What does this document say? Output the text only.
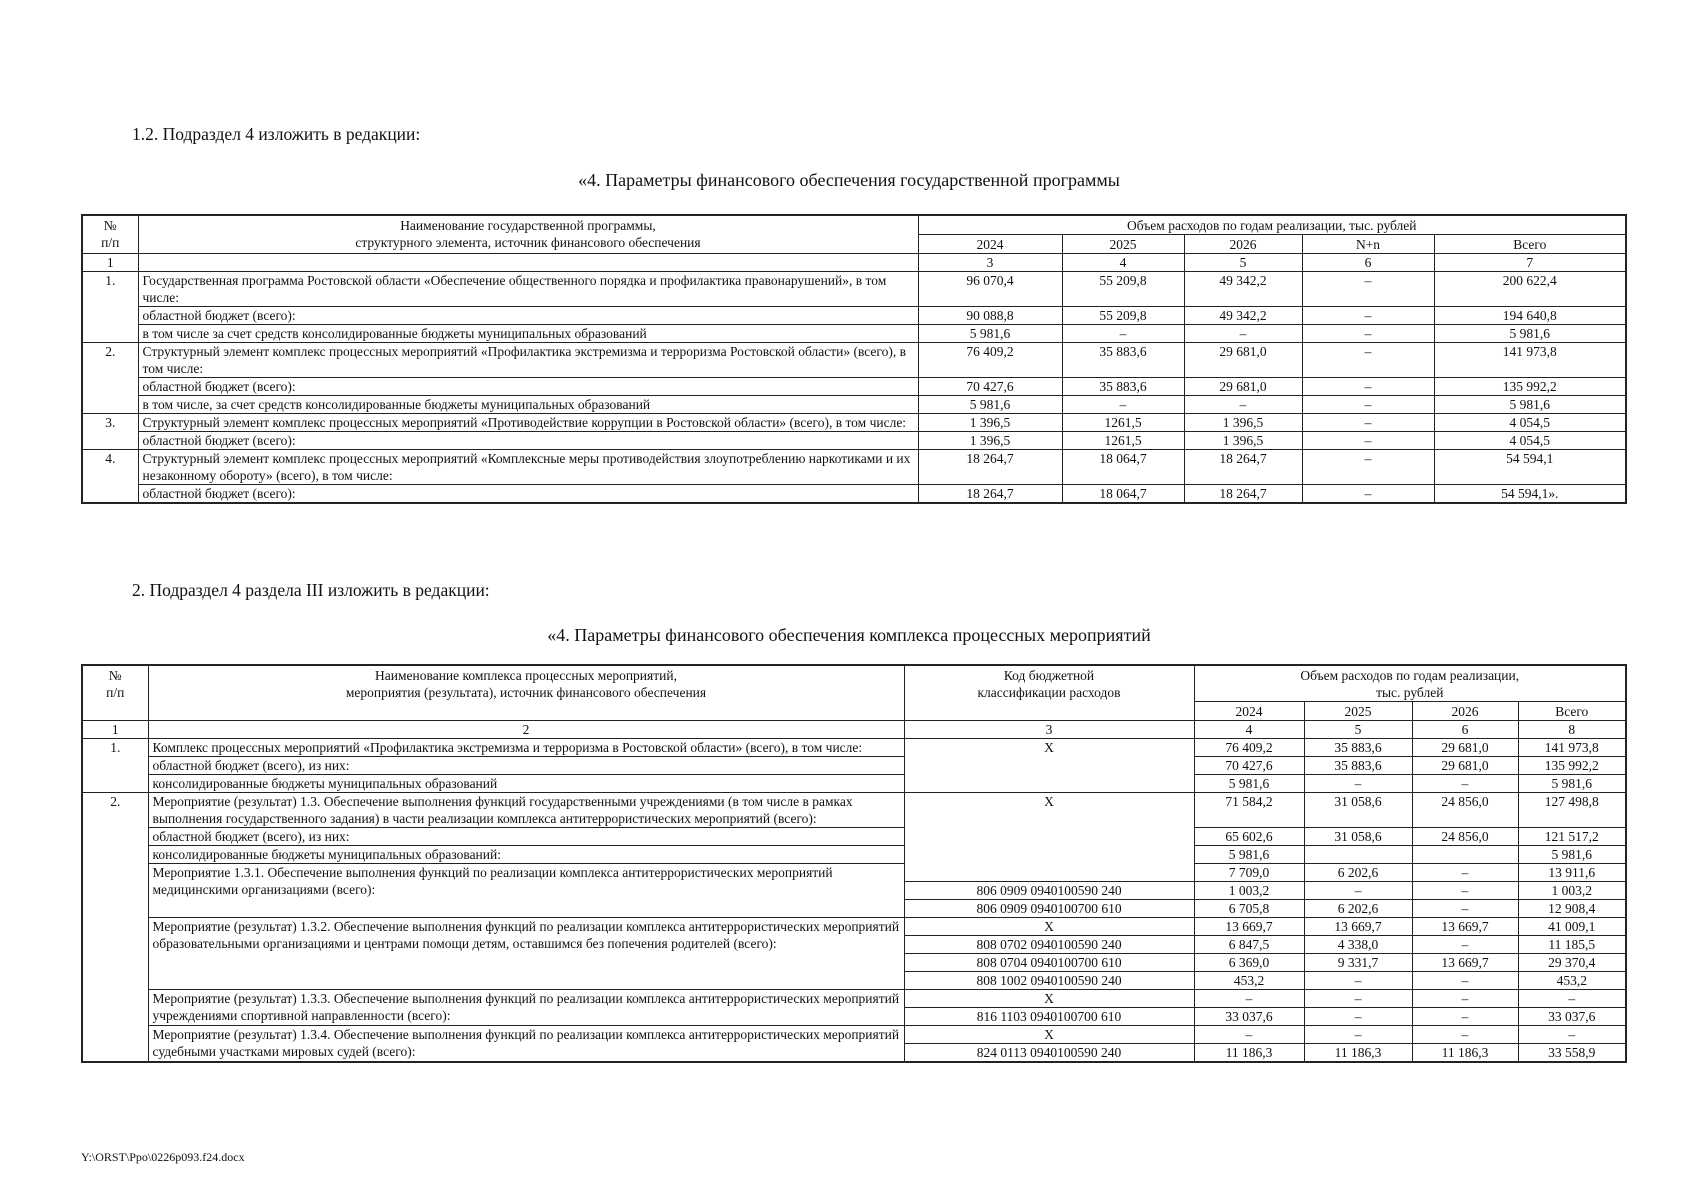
1.2. Подраздел 4 изложить в редакции:
«4. Параметры финансового обеспечения государственной программы
№
п/п	Наименование государственной программы,
структурного элемента, источник финансового обеспечения	Объем расходов по годам реализации, тыс. рублей				
		2024	2025	2026	N+n	Всего
1		3	4	5	6	7
1.	Государственная программа Ростовской области «Обеспечение общественного порядка и профилактика правонарушений», в том числе:	96 070,4	55 209,8	49 342,2	–	200 622,4
	областной бюджет (всего):	90 088,8	55 209,8	49 342,2	–	194 640,8
	в том числе за счет средств консолидированные бюджеты муниципальных образований	5 981,6	–	–	–	5 981,6
2.	Структурный элемент комплекс процессных мероприятий «Профилактика экстремизма и терроризма Ростовской области» (всего), в том числе:	76 409,2	35 883,6	29 681,0	–	141 973,8
	областной бюджет (всего):	70 427,6	35 883,6	29 681,0	–	135 992,2
	в том числе, за счет средств консолидированные бюджеты муниципальных образований	5 981,6	–	–	–	5 981,6
3.	Структурный элемент комплекс процессных мероприятий «Противодействие коррупции в Ростовской области» (всего), в том числе:	1 396,5	1261,5	1 396,5	–	4 054,5
	областной бюджет (всего):	1 396,5	1261,5	1 396,5	–	4 054,5
4.	Структурный элемент комплекс процессных мероприятий «Комплексные меры противодействия злоупотреблению наркотиками и их незаконному обороту» (всего), в том числе:	18 264,7	18 064,7	18 264,7	–	54 594,1
	областной бюджет (всего):	18 264,7	18 064,7	18 264,7	–	54 594,1».
2. Подраздел 4 раздела III изложить в редакции:
«4. Параметры финансового обеспечения комплекса процессных мероприятий
№
п/п	Наименование комплекса процессных мероприятий,
мероприятия (результата), источник финансового обеспечения	Код бюджетной
классификации расходов	Объем расходов по годам реализации,
тыс. рублей			
			2024	2025	2026	Всего
1	2	3	4	5	6	8
1.	Комплекс процессных мероприятий «Профилактика экстремизма и терроризма в Ростовской области» (всего), в том числе:	X	76 409,2	35 883,6	29 681,0	141 973,8
	областной бюджет (всего), из них:		70 427,6	35 883,6	29 681,0	135 992,2
	консолидированные бюджеты муниципальных образований		5 981,6	–	–	5 981,6
2.	Мероприятие (результат) 1.3. Обеспечение выполнения функций государственными учреждениями (в том числе в рамках выполнения государственного задания) в части реализации комплекса антитеррористических мероприятий (всего):	X	71 584,2	31 058,6	24 856,0	127 498,8
	областной бюджет (всего), из них:		65 602,6	31 058,6	24 856,0	121 517,2
	консолидированные бюджеты муниципальных образований:		5 981,6			5 981,6
	Мероприятие 1.3.1. Обеспечение выполнения функций по реализации комплекса антитеррористических мероприятий медицинскими организациями (всего):		7 709,0	6 202,6	–	13 911,6
		806 0909 0940100590 240	1 003,2	–	–	1 003,2
		806 0909 0940100700 610	6 705,8	6 202,6	–	12 908,4
	Мероприятие (результат) 1.3.2. Обеспечение выполнения функций по реализации комплекса антитеррористических мероприятий образовательными организациями и центрами помощи детям, оставшимся без попечения родителей (всего):	X	13 669,7	13 669,7	13 669,7	41 009,1
		808 0702 0940100590 240	6 847,5	4 338,0	–	11 185,5
		808 0704 0940100700 610	6 369,0	9 331,7	13 669,7	29 370,4
		808 1002 0940100590 240	453,2	–	–	453,2
	Мероприятие (результат) 1.3.3. Обеспечение выполнения функций по реализации комплекса антитеррористических мероприятий учреждениями спортивной направленности (всего):	X	–	–	–	–
		816 1103 0940100700 610	33 037,6	–	–	33 037,6
	Мероприятие (результат) 1.3.4. Обеспечение выполнения функций по реализации комплекса антитеррористических мероприятий судебными участками мировых судей (всего):	X	–	–	–	–
		824 0113 0940100590 240	11 186,3	11 186,3	11 186,3	33 558,9
Y:\ORST\Ppo\0226p093.f24.docx
